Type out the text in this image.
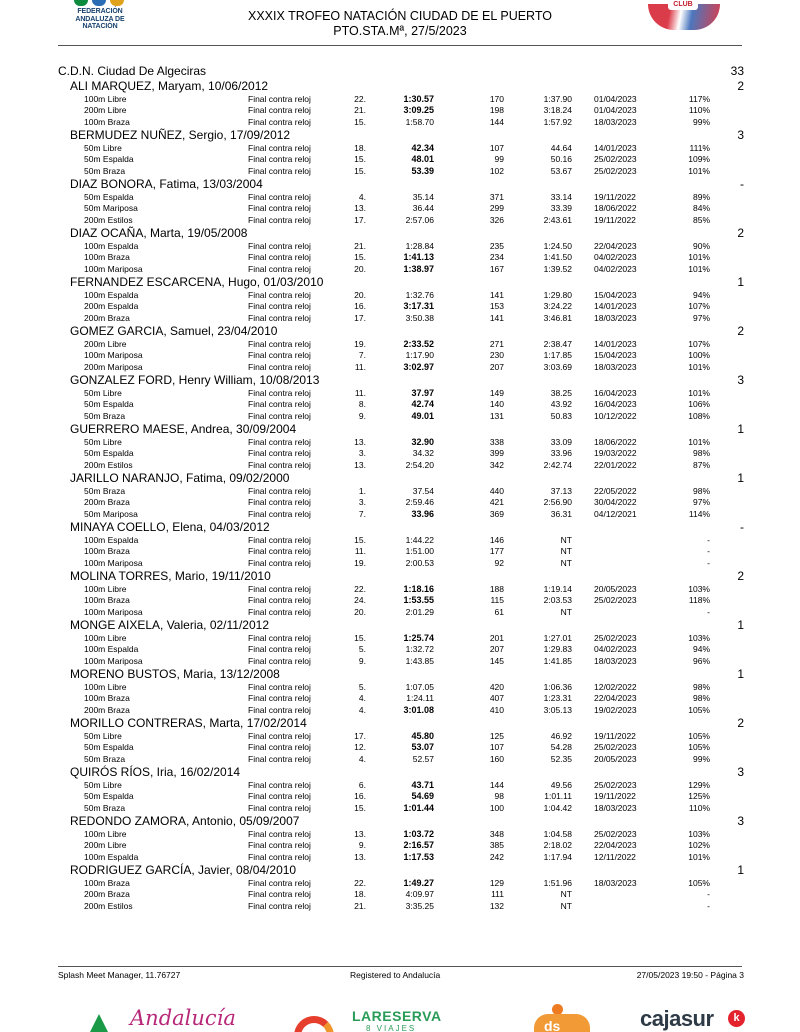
FEDERACIÓN ANDALUZA DE NATACIÓN
XXXIX TROFEO NATACIÓN CIUDAD DE EL PUERTO
PTO.STA.Mª, 27/5/2023
CLUB
C.D.N. Ciudad De Algeciras	33
ALI MARQUEZ, Maryam, 10/06/2012	2
100m Libre	Final contra reloj	22.	1:30.57	170	1:37.90	01/04/2023	117%
200m Libre	Final contra reloj	21.	3:09.25	198	3:18.24	01/04/2023	110%
100m Braza	Final contra reloj	15.	1:58.70	144	1:57.92	18/03/2023	99%
BERMUDEZ NUÑEZ, Sergio, 17/09/2012	3
50m Libre	Final contra reloj	18.	42.34	107	44.64	14/01/2023	111%
50m Espalda	Final contra reloj	15.	48.01	99	50.16	25/02/2023	109%
50m Braza	Final contra reloj	15.	53.39	102	53.67	25/02/2023	101%
DIAZ BONORA, Fatima, 13/03/2004	-
50m Espalda	Final contra reloj	4.	35.14	371	33.14	19/11/2022	89%
50m Mariposa	Final contra reloj	13.	36.44	299	33.39	18/06/2022	84%
200m Estilos	Final contra reloj	17.	2:57.06	326	2:43.61	19/11/2022	85%
DIAZ OCAÑA, Marta, 19/05/2008	2
100m Espalda	Final contra reloj	21.	1:28.84	235	1:24.50	22/04/2023	90%
100m Braza	Final contra reloj	15.	1:41.13	234	1:41.50	04/02/2023	101%
100m Mariposa	Final contra reloj	20.	1:38.97	167	1:39.52	04/02/2023	101%
FERNANDEZ ESCARCENA, Hugo, 01/03/2010	1
100m Espalda	Final contra reloj	20.	1:32.76	141	1:29.80	15/04/2023	94%
200m Espalda	Final contra reloj	16.	3:17.31	153	3:24.22	14/01/2023	107%
200m Braza	Final contra reloj	17.	3:50.38	141	3:46.81	18/03/2023	97%
GOMEZ GARCIA, Samuel, 23/04/2010	2
200m Libre	Final contra reloj	19.	2:33.52	271	2:38.47	14/01/2023	107%
100m Mariposa	Final contra reloj	7.	1:17.90	230	1:17.85	15/04/2023	100%
200m Mariposa	Final contra reloj	11.	3:02.97	207	3:03.69	18/03/2023	101%
GONZALEZ FORD, Henry William, 10/08/2013	3
50m Libre	Final contra reloj	11.	37.97	149	38.25	16/04/2023	101%
50m Espalda	Final contra reloj	8.	42.74	140	43.92	16/04/2023	106%
50m Braza	Final contra reloj	9.	49.01	131	50.83	10/12/2022	108%
GUERRERO MAESE, Andrea, 30/09/2004	1
50m Libre	Final contra reloj	13.	32.90	338	33.09	18/06/2022	101%
50m Espalda	Final contra reloj	3.	34.32	399	33.96	19/03/2022	98%
200m Estilos	Final contra reloj	13.	2:54.20	342	2:42.74	22/01/2022	87%
JARILLO NARANJO, Fatima, 09/02/2000	1
50m Braza	Final contra reloj	1.	37.54	440	37.13	22/05/2022	98%
200m Braza	Final contra reloj	3.	2:59.46	421	2:56.90	30/04/2022	97%
50m Mariposa	Final contra reloj	7.	33.96	369	36.31	04/12/2021	114%
MINAYA COELLO, Elena, 04/03/2012	-
100m Espalda	Final contra reloj	15.	1:44.22	146	NT	-
100m Braza	Final contra reloj	11.	1:51.00	177	NT	-
100m Mariposa	Final contra reloj	19.	2:00.53	92	NT	-
MOLINA TORRES, Mario, 19/11/2010	2
100m Libre	Final contra reloj	22.	1:18.16	188	1:19.14	20/05/2023	103%
100m Braza	Final contra reloj	24.	1:53.55	115	2:03.53	25/02/2023	118%
100m Mariposa	Final contra reloj	20.	2:01.29	61	NT	-
MONGE AIXELA, Valeria, 02/11/2012	1
100m Libre	Final contra reloj	15.	1:25.74	201	1:27.01	25/02/2023	103%
100m Espalda	Final contra reloj	5.	1:32.72	207	1:29.83	04/02/2023	94%
100m Mariposa	Final contra reloj	9.	1:43.85	145	1:41.85	18/03/2023	96%
MORENO BUSTOS, Maria, 13/12/2008	1
100m Libre	Final contra reloj	5.	1:07.05	420	1:06.36	12/02/2022	98%
100m Braza	Final contra reloj	4.	1:24.11	407	1:23.31	22/04/2023	98%
200m Braza	Final contra reloj	4.	3:01.08	410	3:05.13	19/02/2023	105%
MORILLO CONTRERAS, Marta, 17/02/2014	2
50m Libre	Final contra reloj	17.	45.80	125	46.92	19/11/2022	105%
50m Espalda	Final contra reloj	12.	53.07	107	54.28	25/02/2023	105%
50m Braza	Final contra reloj	4.	52.57	160	52.35	20/05/2023	99%
QUIRÓS RÍOS, Iria, 16/02/2014	3
50m Libre	Final contra reloj	6.	43.71	144	49.56	25/02/2023	129%
50m Espalda	Final contra reloj	16.	54.69	98	1:01.11	19/11/2022	125%
50m Braza	Final contra reloj	15.	1:01.44	100	1:04.42	18/03/2023	110%
REDONDO ZAMORA, Antonio, 05/09/2007	3
100m Libre	Final contra reloj	13.	1:03.72	348	1:04.58	25/02/2023	103%
200m Libre	Final contra reloj	9.	2:16.57	385	2:18.02	22/04/2023	102%
100m Espalda	Final contra reloj	13.	1:17.53	242	1:17.94	12/11/2022	101%
RODRIGUEZ GARCÍA, Javier, 08/04/2010	1
100m Braza	Final contra reloj	22.	1:49.27	129	1:51.96	18/03/2023	105%
200m Braza	Final contra reloj	18.	4:09.97	111	NT	-
200m Estilos	Final contra reloj	21.	3:35.25	132	NT	-
Splash Meet Manager, 11.76727	Registered to Andalucía	27/05/2023 19:50 - Página 3
Andalucía	LARESERVA
8 VIAJES	ds	cajasur	k
